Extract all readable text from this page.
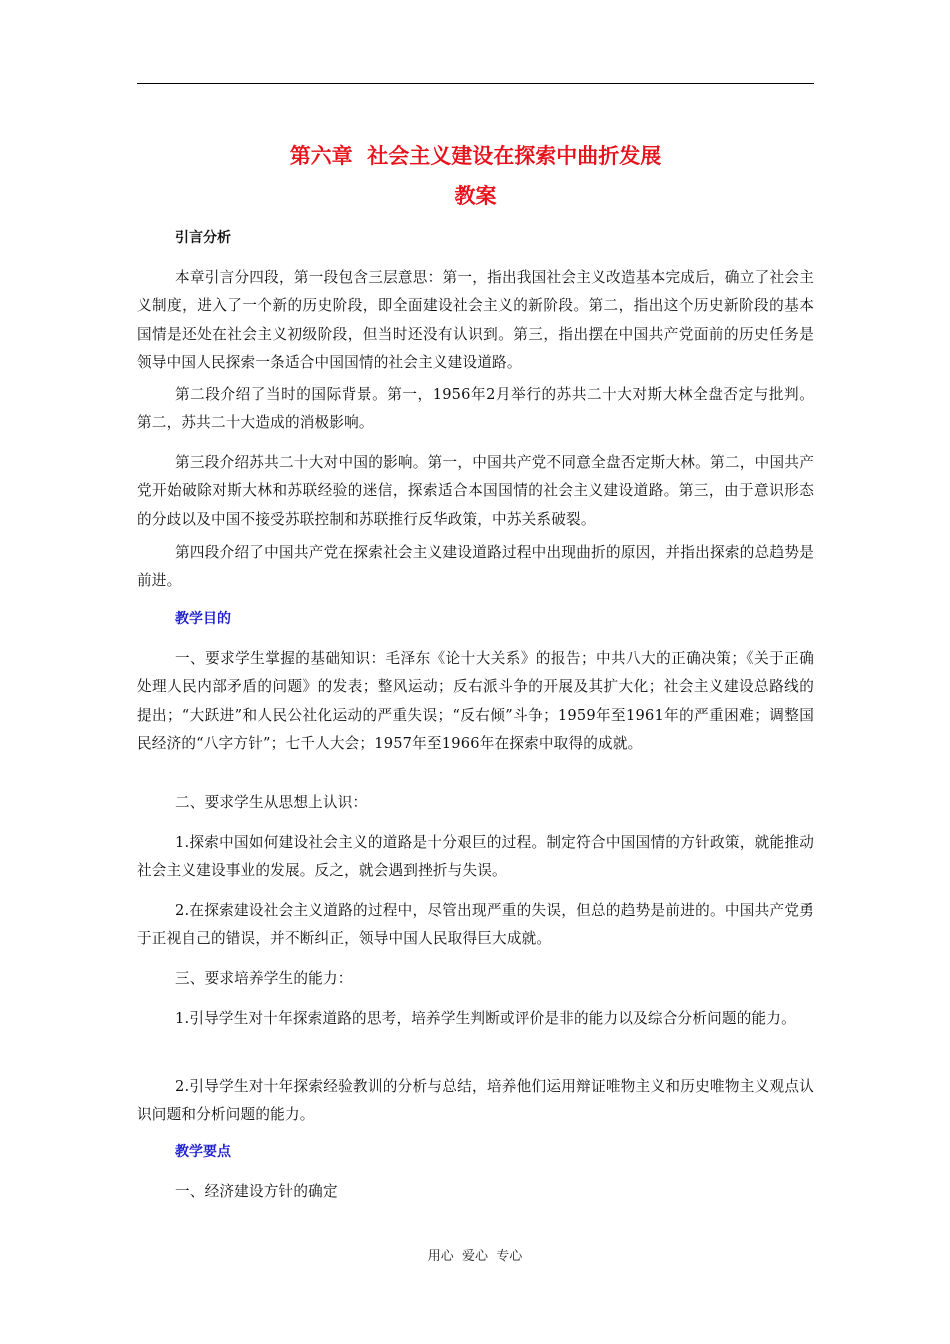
第六章  社会主义建设在探索中曲折发展
教案
引言分析

本章引言分四段，第一段包含三层意思：第一，指出我国社会主义改造基本完成后，确立了社会主义制度，进入了一个新的历史阶段，即全面建设社会主义的新阶段。第二，指出这个历史新阶段的基本国情是还处在社会主义初级阶段，但当时还没有认识到。第三，指出摆在中国共产党面前的历史任务是领导中国人民探索一条适合中国国情的社会主义建设道路。

第二段介绍了当时的国际背景。第一，1956年2月举行的苏共二十大对斯大林全盘否定与批判。第二，苏共二十大造成的消极影响。

第三段介绍苏共二十大对中国的影响。第一，中国共产党不同意全盘否定斯大林。第二，中国共产党开始破除对斯大林和苏联经验的迷信，探索适合本国国情的社会主义建设道路。第三，由于意识形态的分歧以及中国不接受苏联控制和苏联推行反华政策，中苏关系破裂。

第四段介绍了中国共产党在探索社会主义建设道路过程中出现曲折的原因，并指出探索的总趋势是前进。

教学目的

一、要求学生掌握的基础知识：毛泽东《论十大关系》的报告；中共八大的正确决策；《关于正确处理人民内部矛盾的问题》的发表；整风运动；反右派斗争的开展及其扩大化；社会主义建设总路线的提出；“大跃进”和人民公社化运动的严重失误；“反右倾”斗争；1959年至1961年的严重困难；调整国民经济的“八字方针”；七千人大会；1957年至1966年在探索中取得的成就。

二、要求学生从思想上认识：

1.探索中国如何建设社会主义的道路是十分艰巨的过程。制定符合中国国情的方针政策，就能推动社会主义建设事业的发展。反之，就会遇到挫折与失误。

2.在探索建设社会主义道路的过程中，尽管出现严重的失误，但总的趋势是前进的。中国共产党勇于正视自己的错误，并不断纠正，领导中国人民取得巨大成就。

三、要求培养学生的能力：

1.引导学生对十年探索道路的思考，培养学生判断或评价是非的能力以及综合分析问题的能力。

2.引导学生对十年探索经验教训的分析与总结，培养他们运用辩证唯物主义和历史唯物主义观点认识问题和分析问题的能力。

教学要点

一、经济建设方针的确定

用心  爱心  专心
